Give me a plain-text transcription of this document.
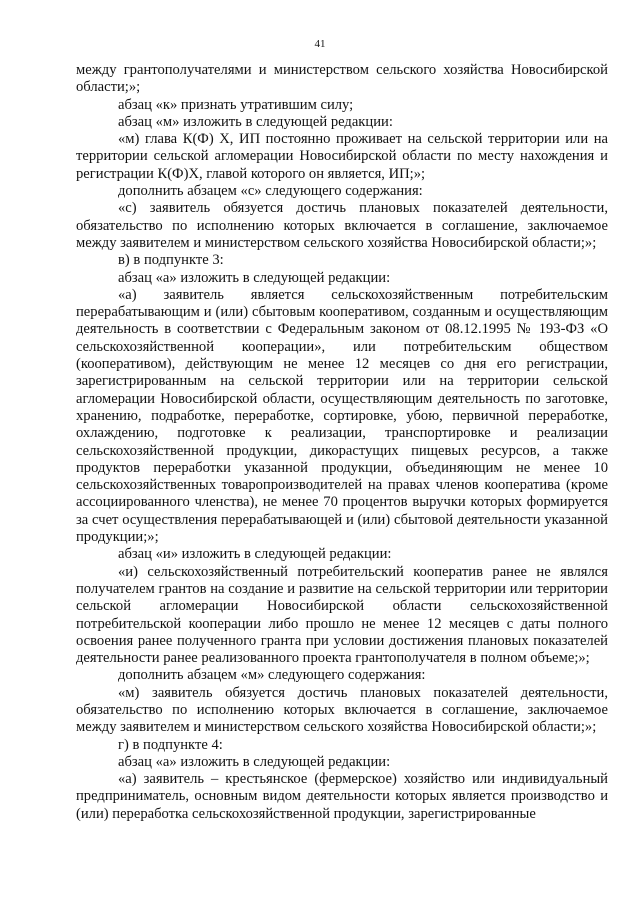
41

между грантополучателями и министерством сельского хозяйства Новосибирской области;»;

абзац «к» признать утратившим силу;

абзац «м» изложить в следующей редакции:

«м) глава К(Ф) Х, ИП постоянно проживает на сельской территории или на территории сельской агломерации Новосибирской области по месту нахождения и регистрации К(Ф)Х, главой которого он является, ИП;»;

дополнить абзацем «с» следующего содержания:

«с) заявитель обязуется достичь плановых показателей деятельности, обязательство по исполнению которых включается в соглашение, заключаемое между заявителем и министерством сельского хозяйства Новосибирской области;»;

в) в подпункте 3:

абзац «а» изложить в следующей редакции:

«а) заявитель является сельскохозяйственным потребительским перерабатывающим и (или) сбытовым кооперативом, созданным и осуществляющим деятельность в соответствии с Федеральным законом от 08.12.1995 № 193-ФЗ «О сельскохозяйственной кооперации», или потребительским обществом (кооперативом), действующим не менее 12 месяцев со дня его регистрации, зарегистрированным на сельской территории или на территории сельской агломерации Новосибирской области, осуществляющим деятельность по заготовке, хранению, подработке, переработке, сортировке, убою, первичной переработке, охлаждению, подготовке к реализации, транспортировке и реализации сельскохозяйственной продукции, дикорастущих пищевых ресурсов, а также продуктов переработки указанной продукции, объединяющим не менее 10 сельскохозяйственных товаропроизводителей на правах членов кооператива (кроме ассоциированного членства), не менее 70 процентов выручки которых формируется за счет осуществления перерабатывающей и (или) сбытовой деятельности указанной продукции;»;

абзац «и» изложить в следующей редакции:

«и) сельскохозяйственный потребительский кооператив ранее не являлся получателем грантов на создание и развитие на сельской территории или территории сельской агломерации Новосибирской области сельскохозяйственной потребительской кооперации либо прошло не менее 12 месяцев с даты полного освоения ранее полученного гранта при условии достижения плановых показателей деятельности ранее реализованного проекта грантополучателя в полном объеме;»;

дополнить абзацем «м» следующего содержания:

«м) заявитель обязуется достичь плановых показателей деятельности, обязательство по исполнению которых включается в соглашение, заключаемое между заявителем и министерством сельского хозяйства Новосибирской области;»;

г) в подпункте 4:

абзац «а» изложить в следующей редакции:

«а) заявитель – крестьянское (фермерское) хозяйство или индивидуальный предприниматель, основным видом деятельности которых является производство и (или) переработка сельскохозяйственной продукции, зарегистрированные
